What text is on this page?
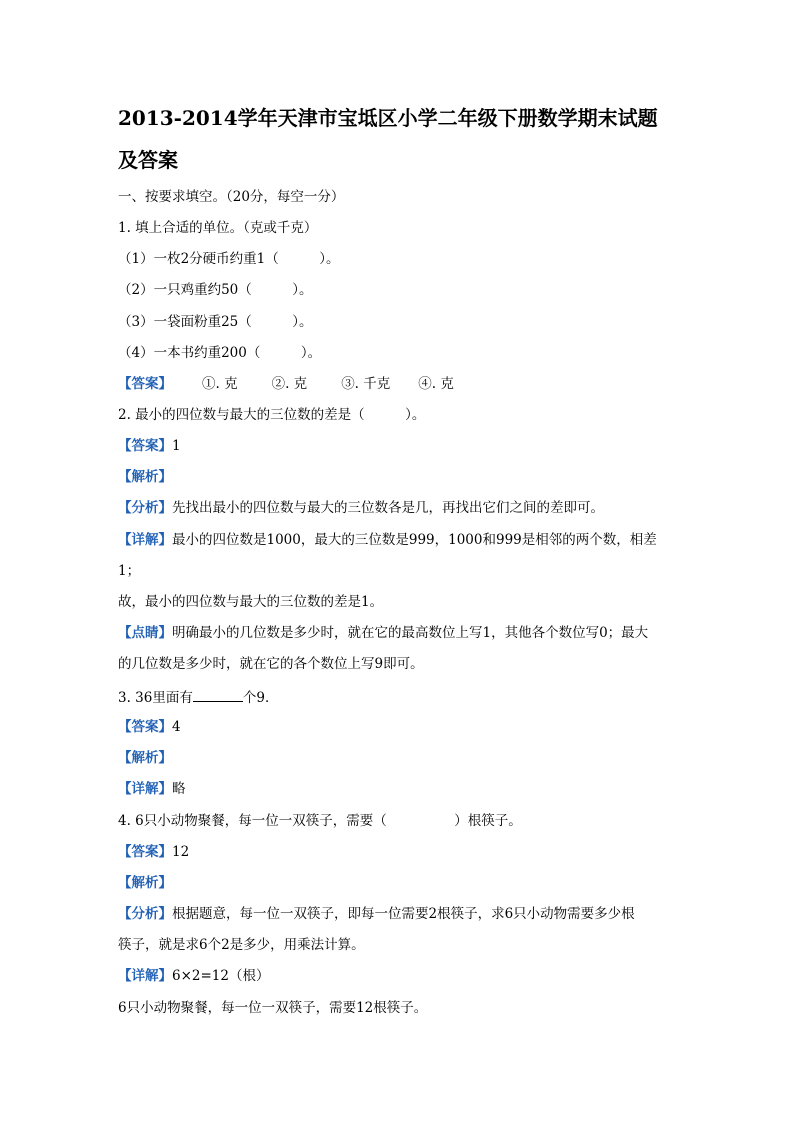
2013-2014学年天津市宝坻区小学二年级下册数学期末试题
及答案
一、按要求填空。（20分，每空一分）
1. 填上合适的单位。（克或千克）
（1）一枚2分硬币约重1（　　　）。
（2）一只鸡重约50（　　　）。
（3）一袋面粉重25（　　　）。
（4）一本书约重200（　　　）。
【答案】 ①. 克	②. 克	③. 千克 ④. 克
2. 最小的四位数与最大的三位数的差是（　　　）。
【答案】1
【解析】
【分析】先找出最小的四位数与最大的三位数各是几，再找出它们之间的差即可。
【详解】最小的四位数是1000，最大的三位数是999，1000和999是相邻的两个数，相差
1；
故，最小的四位数与最大的三位数的差是1。
【点睛】明确最小的几位数是多少时，就在它的最高数位上写1，其他各个数位写0；最大
的几位数是多少时，就在它的各个数位上写9即可。
3. 36里面有	个9．
【答案】4
【解析】
【详解】略
4. 6只小动物聚餐，每一位一双筷子，需要（　　　　　）根筷子。
【答案】12
【解析】
【分析】根据题意，每一位一双筷子，即每一位需要2根筷子，求6只小动物需要多少根
筷子，就是求6个2是多少，用乘法计算。
【详解】6×2=12（根）
6只小动物聚餐，每一位一双筷子，需要12根筷子。
